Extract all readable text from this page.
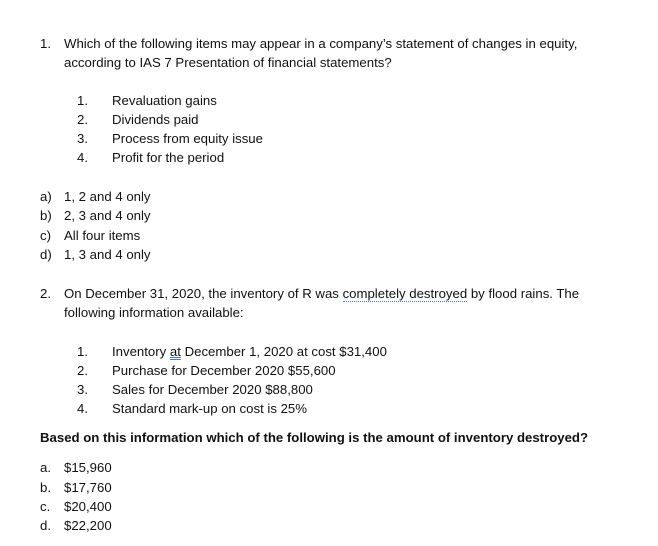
1. Which of the following items may appear in a company’s statement of changes in equity,
according to IAS 7 Presentation of financial statements?
1. Revaluation gains
2. Dividends paid
3. Process from equity issue
4. Profit for the period
a) 1, 2 and 4 only
b) 2, 3 and 4 only
c) All four items
d) 1, 3 and 4 only
2. On December 31, 2020, the inventory of R was completely destroyed by flood rains. The
following information available:
1. Inventory at December 1, 2020 at cost $31,400
2. Purchase for December 2020 $55,600
3. Sales for December 2020 $88,800
4. Standard mark-up on cost is 25%
Based on this information which of the following is the amount of inventory destroyed?
a. $15,960
b. $17,760
c. $20,400
d. $22,200
